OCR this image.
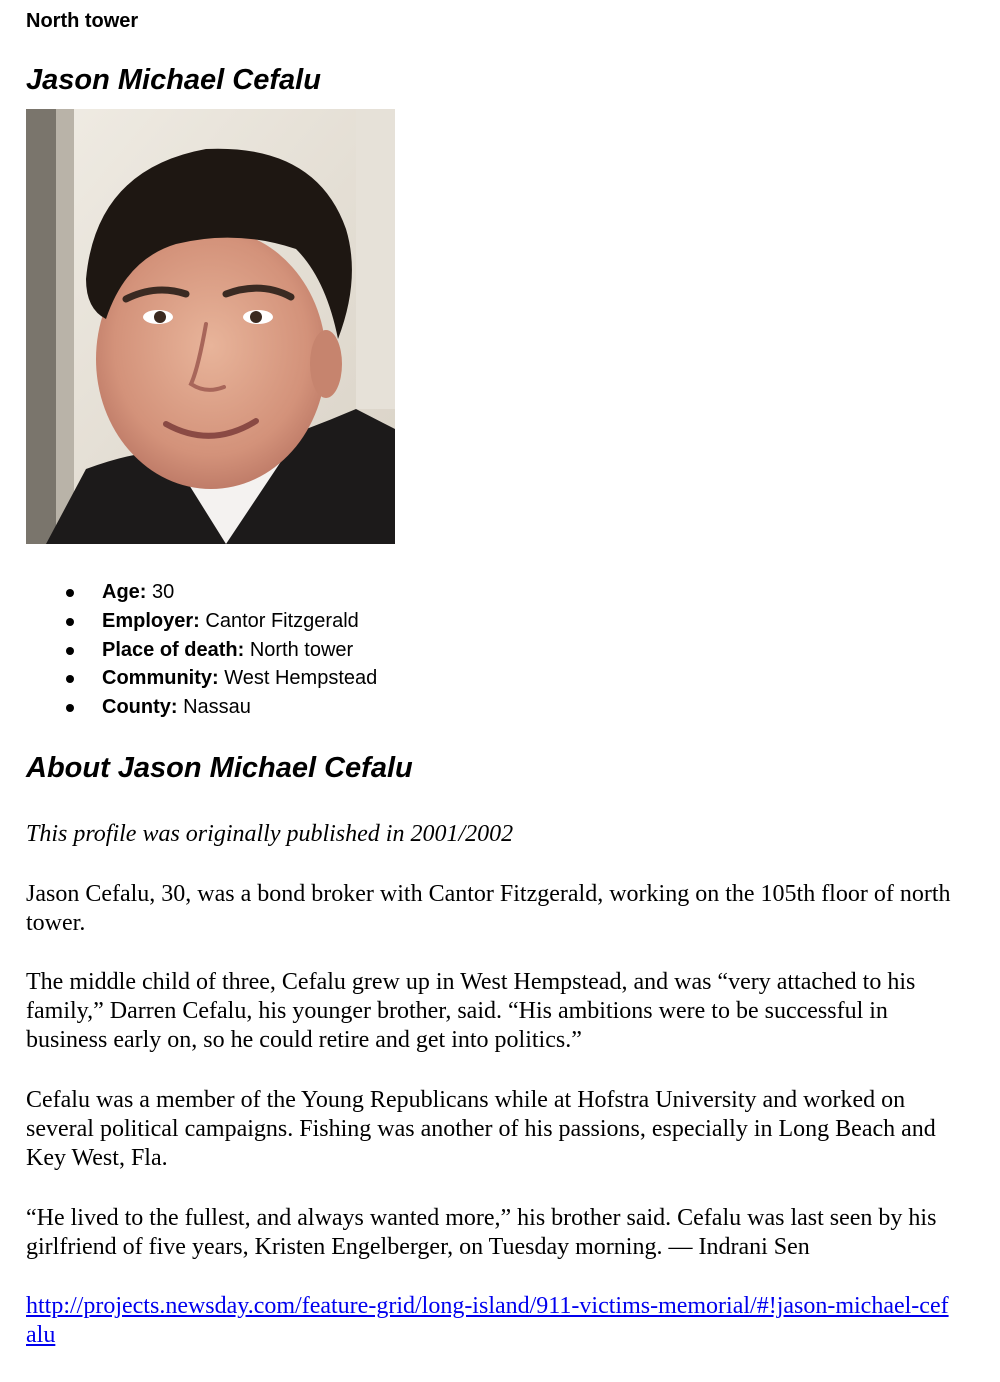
North tower
Jason Michael Cefalu
Age: 30
Employer: Cantor Fitzgerald
Place of death: North tower
Community: West Hempstead
County: Nassau
About Jason Michael Cefalu

This profile was originally published in 2001/2002

Jason Cefalu, 30, was a bond broker with Cantor Fitzgerald, working on the 105th floor of north tower.

The middle child of three, Cefalu grew up in West Hempstead, and was “very attached to his family,” Darren Cefalu, his younger brother, said. “His ambitions were to be successful in business early on, so he could retire and get into politics.”

Cefalu was a member of the Young Republicans while at Hofstra University and worked on several political campaigns. Fishing was another of his passions, especially in Long Beach and Key West, Fla.

“He lived to the fullest, and always wanted more,” his brother said. Cefalu was last seen by his girlfriend of five years, Kristen Engelberger, on Tuesday morning. — Indrani Sen

http://projects.newsday.com/feature-grid/long-island/911-victims-memorial/#!jason-michael-cefalu
